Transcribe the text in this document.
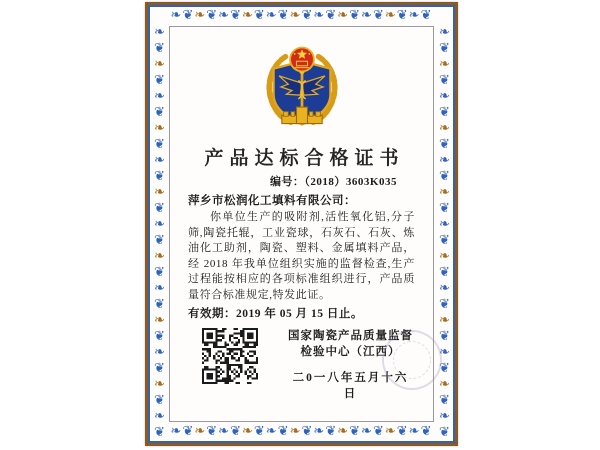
❧❦❧❦❧❦❧❦❧❦❧❦❧❦❧❦❧❦❧❦❧❦
❧❦❧❦❧❦❧❦❧❦❧❦❧❦❧❦❧❦❧❦❧❦
❧❦❧❦❧❦❧❦❧❦❧❦❧❦❧❦❧❦❧❦❧❦❧❦❧❦
❧❦❧❦❧❦❧❦❧❦❧❦❧❦❧❦❧❦❧❦❧❦❧❦❧❦
产品达标合格证书
编号：（2018）3603K035
萍乡市松润化工填料有限公司：

你单位生产的吸附剂,活性氧化铝,分子筛,陶瓷托辊，工业瓷球，石灰石、石灰、炼油化工助剂，陶瓷、塑料、金属填料产品，经 2018 年我单位组织实施的监督检查,生产过程能按相应的各项标准组织进行，产品质量符合标准规定,特发此证。

有效期：2019 年 05 月 15 日止。
国家陶瓷产品质量监督
检验中心（江西）
二0一八年五月十六日
